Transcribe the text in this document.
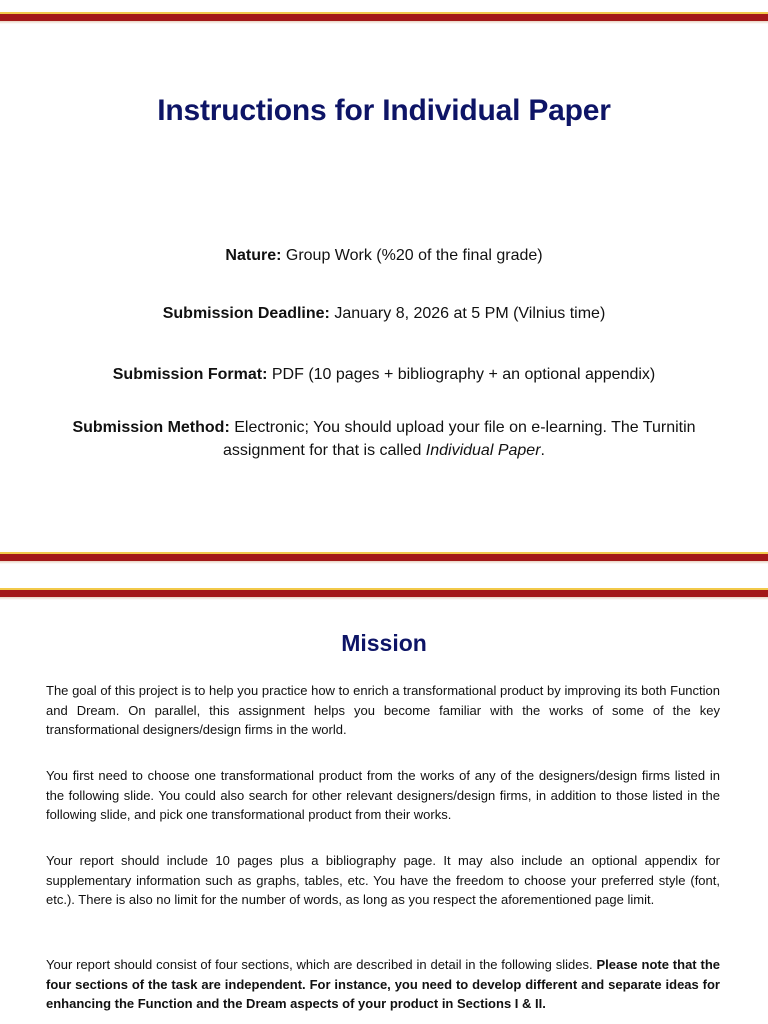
Instructions for Individual Paper
Nature: Group Work (%20 of the final grade)
Submission Deadline: January 8, 2026 at 5 PM (Vilnius time)
Submission Format: PDF (10 pages + bibliography + an optional appendix)
Submission Method: Electronic; You should upload your file on e-learning. The Turnitin assignment for that is called Individual Paper.
Mission
The goal of this project is to help you practice how to enrich a transformational product by improving its both Function and Dream. On parallel, this assignment helps you become familiar with the works of some of the key transformational designers/design firms in the world.
You first need to choose one transformational product from the works of any of the designers/design firms listed in the following slide. You could also search for other relevant designers/design firms, in addition to those listed in the following slide, and pick one transformational product from their works.
Your report should include 10 pages plus a bibliography page. It may also include an optional appendix for supplementary information such as graphs, tables, etc. You have the freedom to choose your preferred style (font, etc.). There is also no limit for the number of words, as long as you respect the aforementioned page limit.
Your report should consist of four sections, which are described in detail in the following slides. Please note that the four sections of the task are independent. For instance, you need to develop different and separate ideas for enhancing the Function and the Dream aspects of your product in Sections I & II.
